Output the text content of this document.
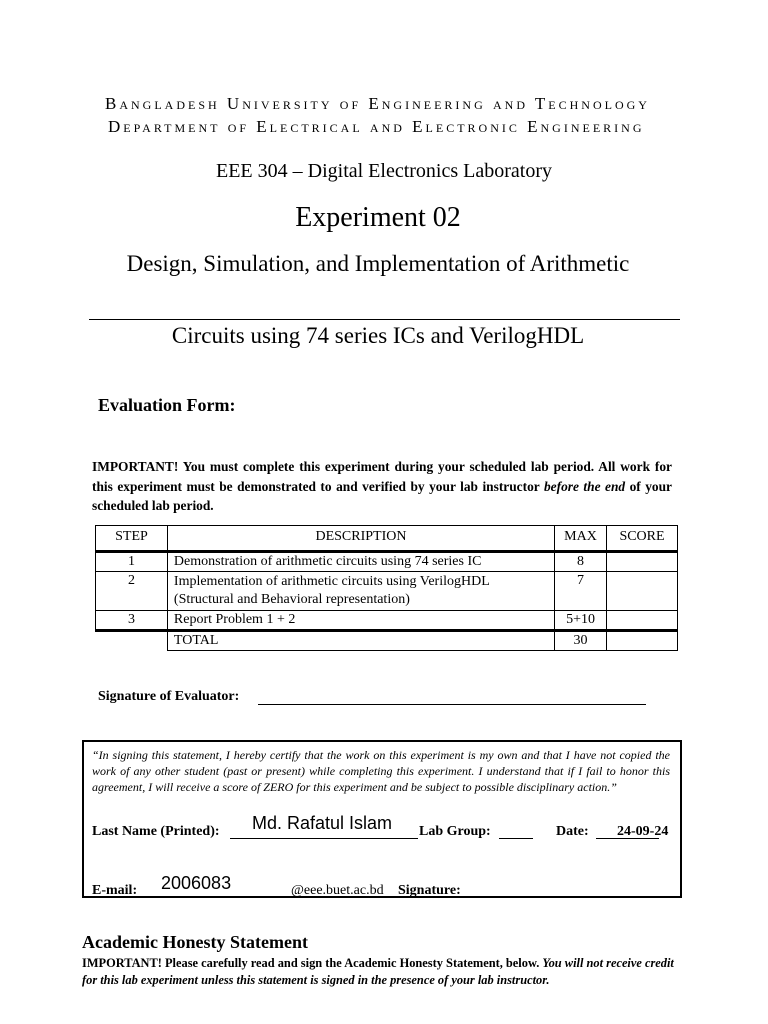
Bangladesh University of Engineering and Technology
Department of Electrical and Electronic Engineering
EEE 304 – Digital Electronics Laboratory
Experiment 02
Design, Simulation, and Implementation of Arithmetic
Circuits using 74 series ICs and VerilogHDL
Evaluation Form:
IMPORTANT! You must complete this experiment during your scheduled lab period. All work for this experiment must be demonstrated to and verified by your lab instructor before the end of your scheduled lab period.
STEP	DESCRIPTION	MAX	SCORE
1	Demonstration of arithmetic circuits using 74 series IC	8	
2	Implementation of arithmetic circuits using VerilogHDL
(Structural and Behavioral representation)	7	
3	Report Problem 1 + 2	5+10	
	TOTAL	30	
Signature of Evaluator:
“In signing this statement, I hereby certify that the work on this experiment is my own and that I have not copied the work of any other student (past or present) while completing this experiment. I understand that if I fail to honor this agreement, I will receive a score of ZERO for this experiment and be subject to possible disciplinary action.”
Last Name (Printed): Md. Rafatul Islam Lab Group:	Date: 24-09-24
E-mail: 2006083	@eee.buet.ac.bd Signature:
Academic Honesty Statement
IMPORTANT! Please carefully read and sign the Academic Honesty Statement, below. You will not receive credit for this lab experiment unless this statement is signed in the presence of your lab instructor.
